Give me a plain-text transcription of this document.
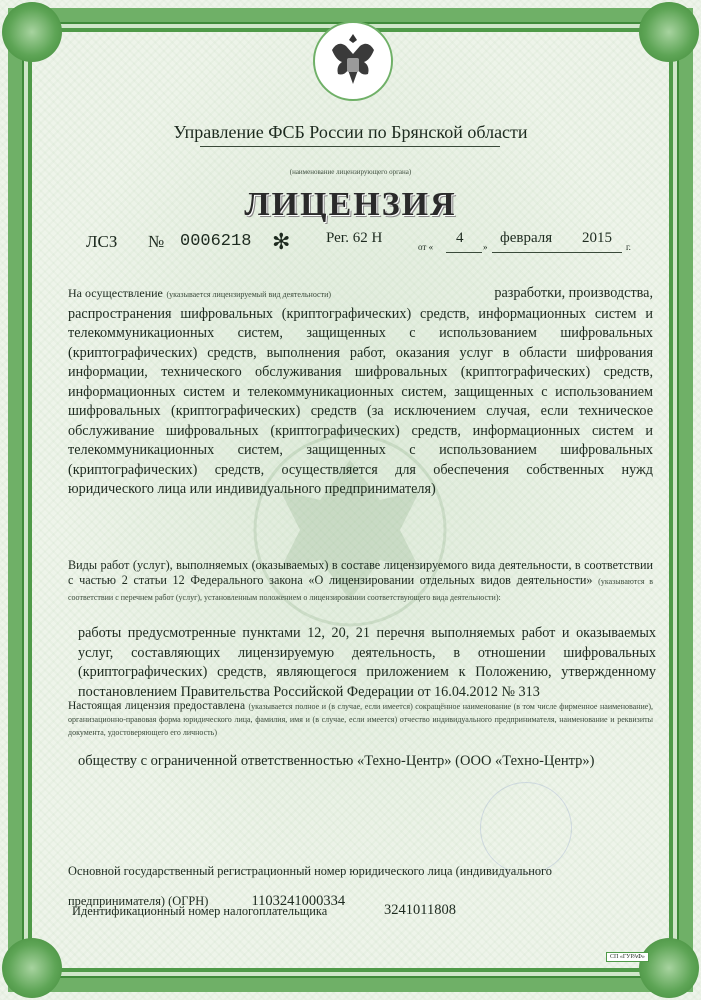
Управление ФСБ России по Брянской области
(наименование лицензирующего органа)
ЛИЦЕНЗИЯ
ЛСЗ № 0006218 ✻ Рег. 62 Н
от «
4
»
февраля 2015
г.
На осуществление (указывается лицензируемый вид деятельности)	разработки, производства,
распространения шифровальных (криптографических) средств, информационных систем и телекоммуникационных систем, защищенных с использованием шифровальных (криптографических) средств, выполнения работ, оказания услуг в области шифрования информации, технического обслуживания шифровальных (криптографических) средств, информационных систем и телекоммуникационных систем, защищенных с использованием шифровальных (криптографических) средств (за исключением случая, если техническое обслуживание шифровальных (криптографических) средств, информационных систем и телекоммуникационных систем, защищенных с использованием шифровальных (криптографических) средств, осуществляется для обеспечения собственных нужд юридического лица или индивидуального предпринимателя)
Виды работ (услуг), выполняемых (оказываемых) в составе лицензируемого вида деятельности, в соответствии с частью 2 статьи 12 Федерального закона «О лицензировании отдельных видов деятельности» (указываются в соответствии с перечнем работ (услуг), установленным положением о лицензировании соответствующего вида деятельности):
работы предусмотренные пунктами 12, 20, 21 перечня выполняемых работ и оказываемых услуг, составляющих лицензируемую деятельность, в отношении шифровальных (криптографических) средств, являющегося приложением к Положению, утвержденному постановлением Правительства Российской Федерации от 16.04.2012 № 313
Настоящая лицензия предоставлена (указывается полное и (в случае, если имеется) сокращённое наименование (в том числе фирменное наименование), организационно-правовая форма юридического лица, фамилия, имя и (в случае, если имеется) отчество индивидуального предпринимателя, наименование и реквизиты документа, удостоверяющего его личность)
обществу с ограниченной ответственностью «Техно-Центр» (ООО «Техно-Центр»)
Основной государственный регистрационный номер юридического лица (индивидуального
предпринимателя) (ОГРН)	1103241000334
Идентификационный номер налогоплательщика	3241011808
СП «ГУРАФ»
